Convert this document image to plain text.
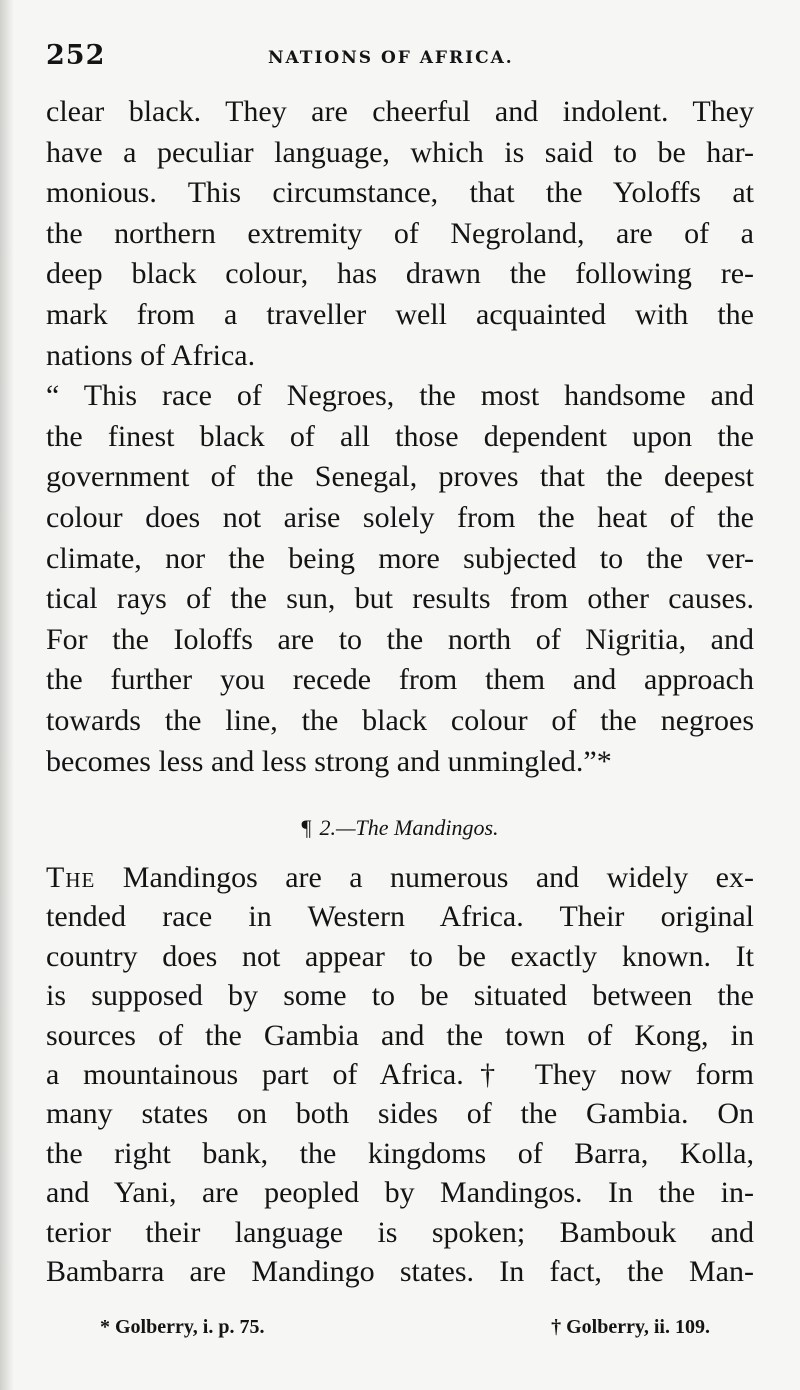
252	NATIONS OF AFRICA.
clear black. They are cheerful and indolent. They
have a peculiar language, which is said to be har-
monious. This circumstance, that the Yoloffs at
the northern extremity of Negroland, are of a
deep black colour, has drawn the following re-
mark from a traveller well acquainted with the
nations of Africa.
“ This race of Negroes, the most handsome and
the finest black of all those dependent upon the
government of the Senegal, proves that the deepest
colour does not arise solely from the heat of the
climate, nor the being more subjected to the ver-
tical rays of the sun, but results from other causes.
For the Ioloffs are to the north of Nigritia, and
the further you recede from them and approach
towards the line, the black colour of the negroes
becomes less and less strong and unmingled.”*
¶ 2.—The Mandingos.
The Mandingos are a numerous and widely ex-
tended race in Western Africa. Their original
country does not appear to be exactly known. It
is supposed by some to be situated between the
sources of the Gambia and the town of Kong, in
a mountainous part of Africa.† They now form
many states on both sides of the Gambia. On
the right bank, the kingdoms of Barra, Kolla,
and Yani, are peopled by Mandingos. In the in-
terior their language is spoken; Bambouk and
Bambarra are Mandingo states. In fact, the Man-
* Golberry, i. p. 75.	† Golberry, ii. 109.
